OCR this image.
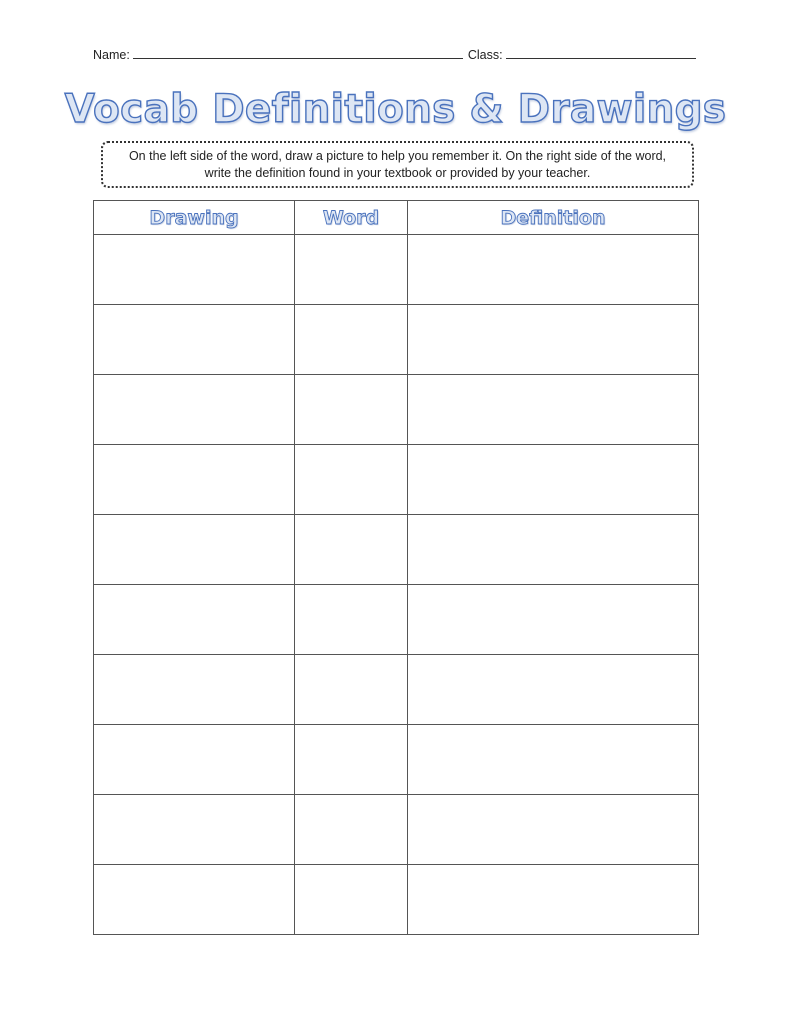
Name:	Class:
Vocab Definitions & Drawings
On the left side of the word, draw a picture to help you remember it. On the right side of the word,
write the definition found in your textbook or provided by your teacher.
Drawing	Word	Definition
